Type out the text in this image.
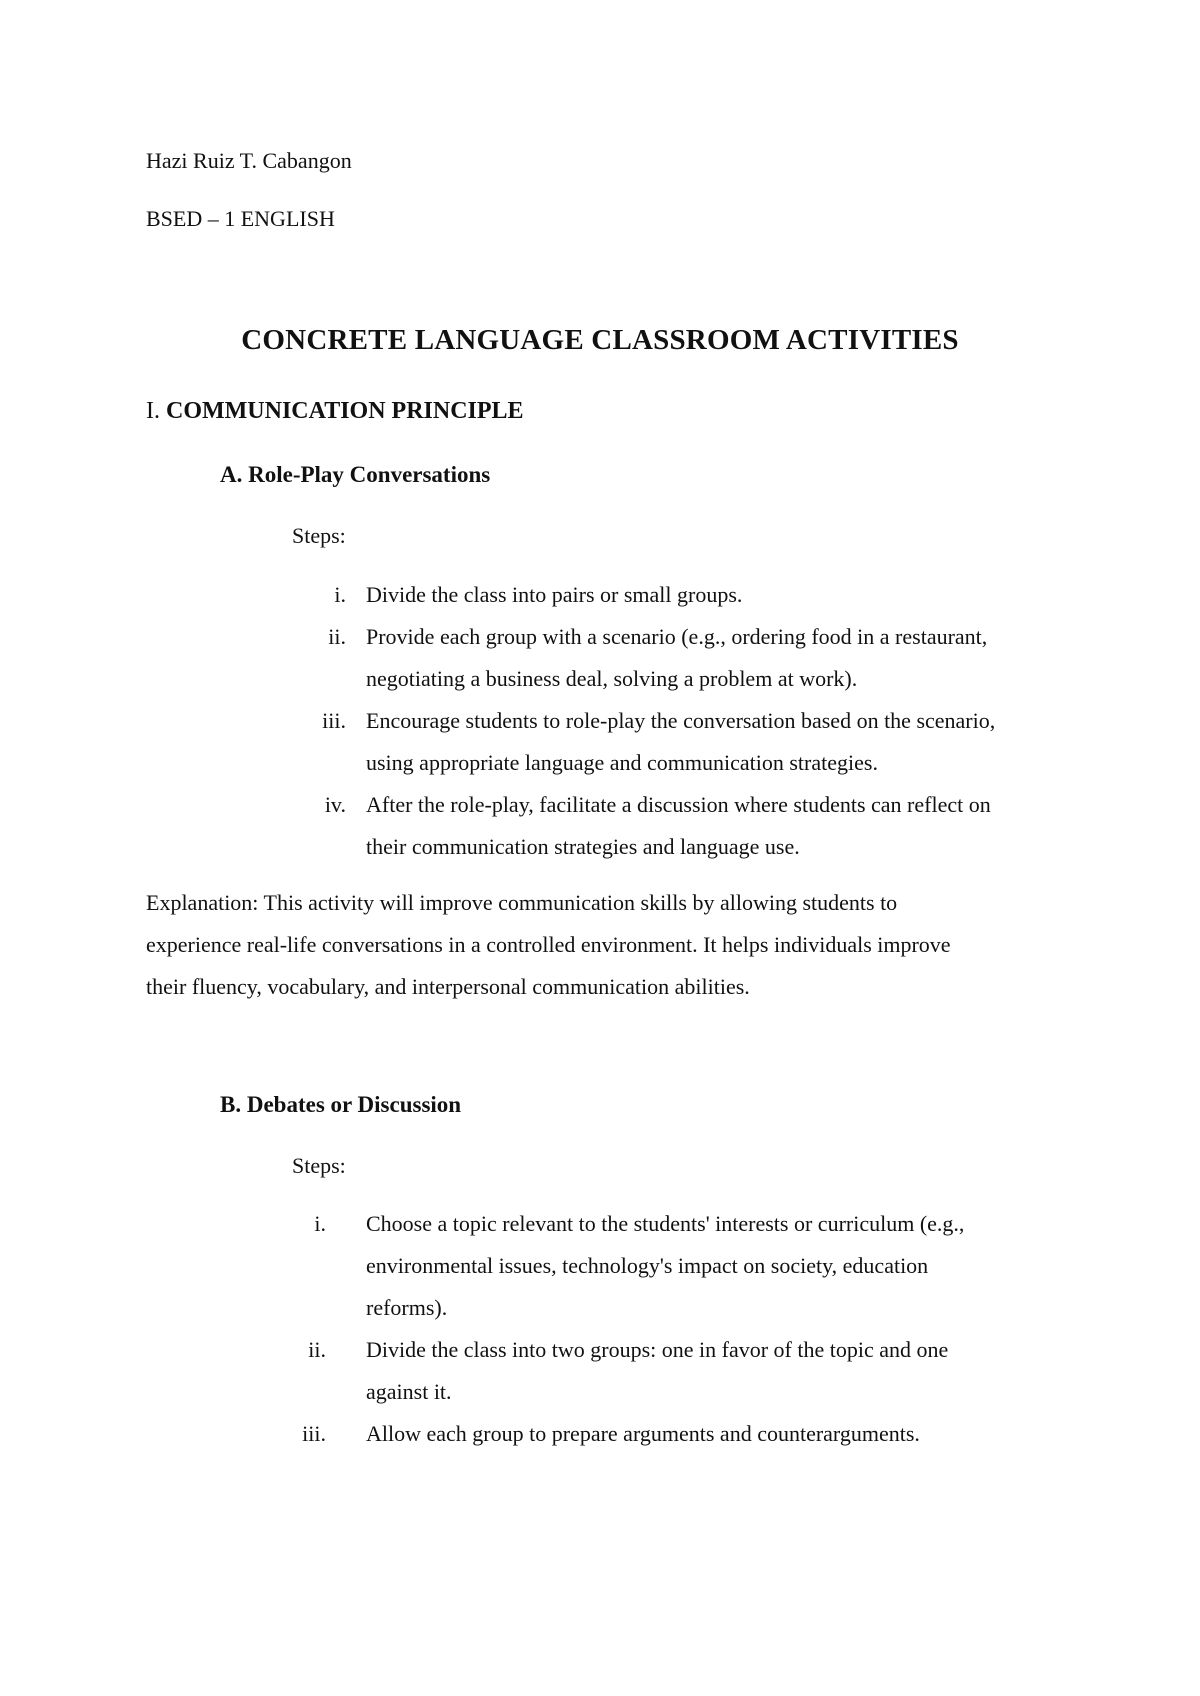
Hazi Ruiz T. Cabangon
BSED – 1 ENGLISH
CONCRETE LANGUAGE CLASSROOM ACTIVITIES
I. COMMUNICATION PRINCIPLE
A. Role-Play Conversations
Steps:
i. Divide the class into pairs or small groups.
ii. Provide each group with a scenario (e.g., ordering food in a restaurant,
negotiating a business deal, solving a problem at work).
iii. Encourage students to role-play the conversation based on the scenario,
using appropriate language and communication strategies.
iv. After the role-play, facilitate a discussion where students can reflect on
their communication strategies and language use.
Explanation: This activity will improve communication skills by allowing students to
experience real-life conversations in a controlled environment. It helps individuals improve
their fluency, vocabulary, and interpersonal communication abilities.
B. Debates or Discussion
Steps:
i. Choose a topic relevant to the students' interests or curriculum (e.g.,
environmental issues, technology's impact on society, education
reforms).
ii. Divide the class into two groups: one in favor of the topic and one
against it.
iii. Allow each group to prepare arguments and counterarguments.
